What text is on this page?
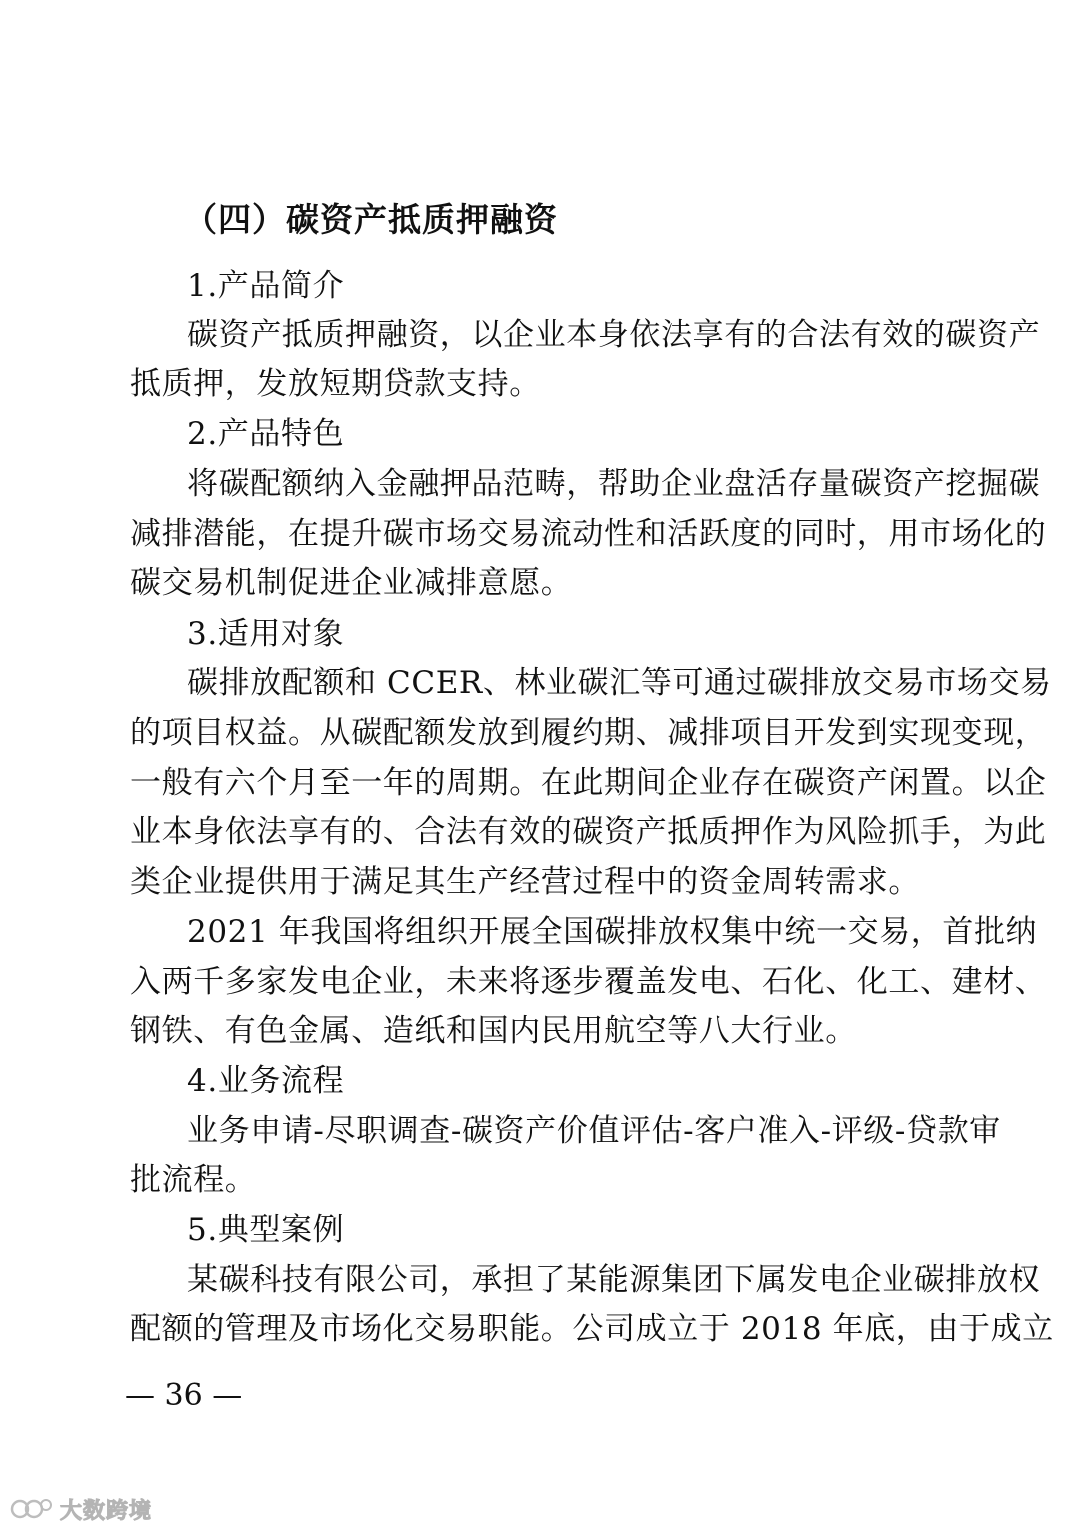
（四）碳资产抵质押融资
1.产品简介
碳资产抵质押融资，以企业本身依法享有的合法有效的碳资产
抵质押，发放短期贷款支持。
2.产品特色
将碳配额纳入金融押品范畴，帮助企业盘活存量碳资产挖掘碳
减排潜能，在提升碳市场交易流动性和活跃度的同时，用市场化的
碳交易机制促进企业减排意愿。
3.适用对象
碳排放配额和 CCER、林业碳汇等可通过碳排放交易市场交易
的项目权益。从碳配额发放到履约期、减排项目开发到实现变现，
一般有六个月至一年的周期。在此期间企业存在碳资产闲置。以企
业本身依法享有的、合法有效的碳资产抵质押作为风险抓手，为此
类企业提供用于满足其生产经营过程中的资金周转需求。
2021 年我国将组织开展全国碳排放权集中统一交易，首批纳
入两千多家发电企业，未来将逐步覆盖发电、石化、化工、建材、
钢铁、有色金属、造纸和国内民用航空等八大行业。
4.业务流程
业务申请-尽职调查-碳资产价值评估-客户准入-评级-贷款审
批流程。
5.典型案例
某碳科技有限公司，承担了某能源集团下属发电企业碳排放权
配额的管理及市场化交易职能。公司成立于 2018 年底，由于成立
— 36 —
大数跨境
